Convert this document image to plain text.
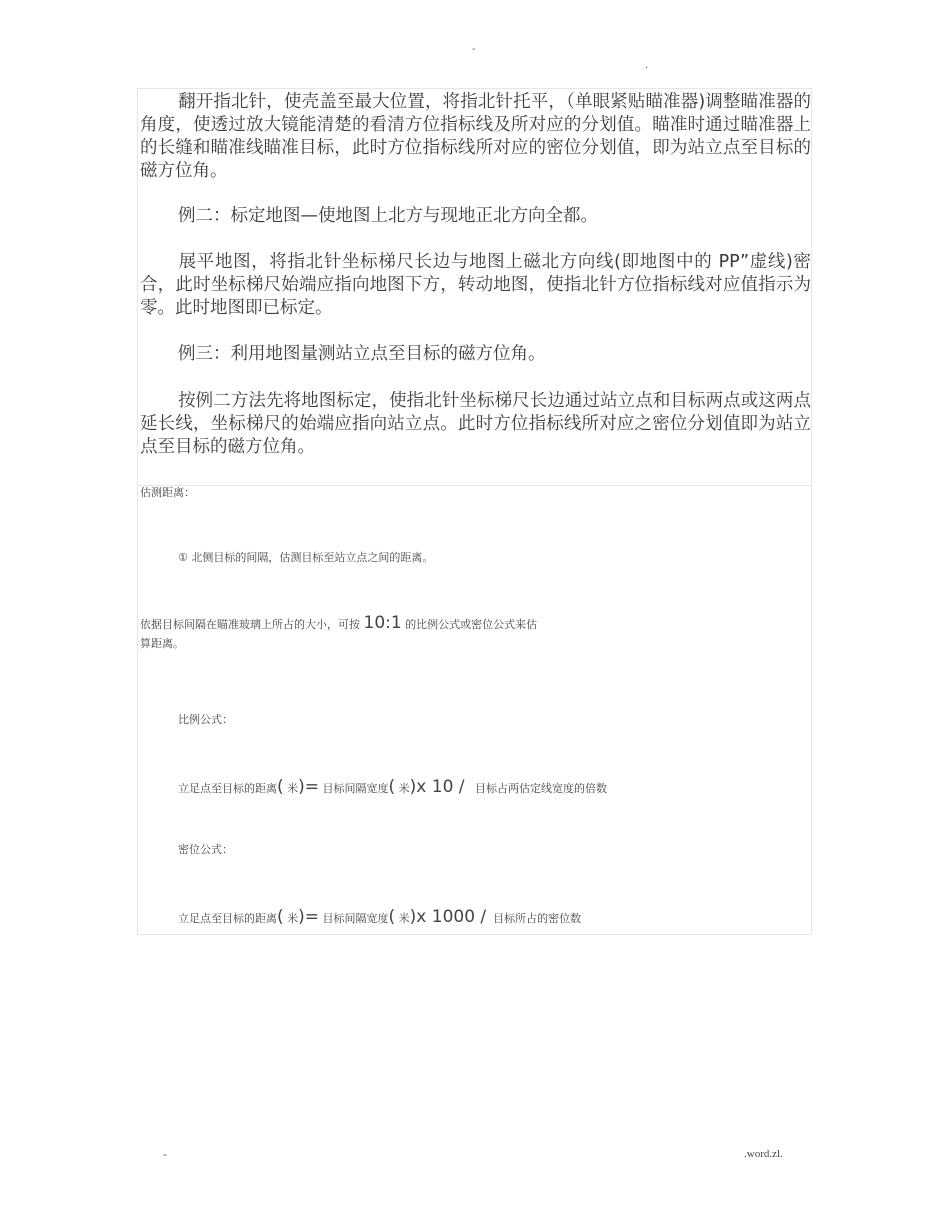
-
.

翻开指北针，使壳盖至最大位置，将指北针托平，（单眼紧贴瞄准器)调整瞄准器的角度，使透过放大镜能清楚的看清方位指标线及所对应的分划值。瞄准时通过瞄准器上的长缝和瞄准线瞄准目标，此时方位指标线所对应的密位分划值，即为站立点至目标的磁方位角。

例二：标定地图—使地图上北方与现地正北方向全都。

展平地图，将指北针坐标梯尺长边与地图上磁北方向线(即地图中的 PP”虚线)密合，此时坐标梯尺始端应指向地图下方，转动地图，使指北针方位指标线对应值指示为零。此时地图即已标定。

例三：利用地图量测站立点至目标的磁方位角。

按例二方法先将地图标定，使指北针坐标梯尺长边通过站立点和目标两点或这两点延长线，坐标梯尺的始端应指向站立点。此时方位指标线所对应之密位分划值即为站立点至目标的磁方位角。

估测距离：

① 北侧目标的间隔，估测目标至站立点之间的距离。

依据目标间隔在瞄准玻璃上所占的大小，可按 10:1 的比例公式或密位公式来估

算距离。

比例公式：

立足点至目标的距离( 米)= 目标间隔宽度( 米)x 10 / 目标占两估定线宽度的倍数

密位公式：

立足点至目标的距离( 米)= 目标间隔宽度( 米)x 1000 / 目标所占的密位数

-	.word.zl.
